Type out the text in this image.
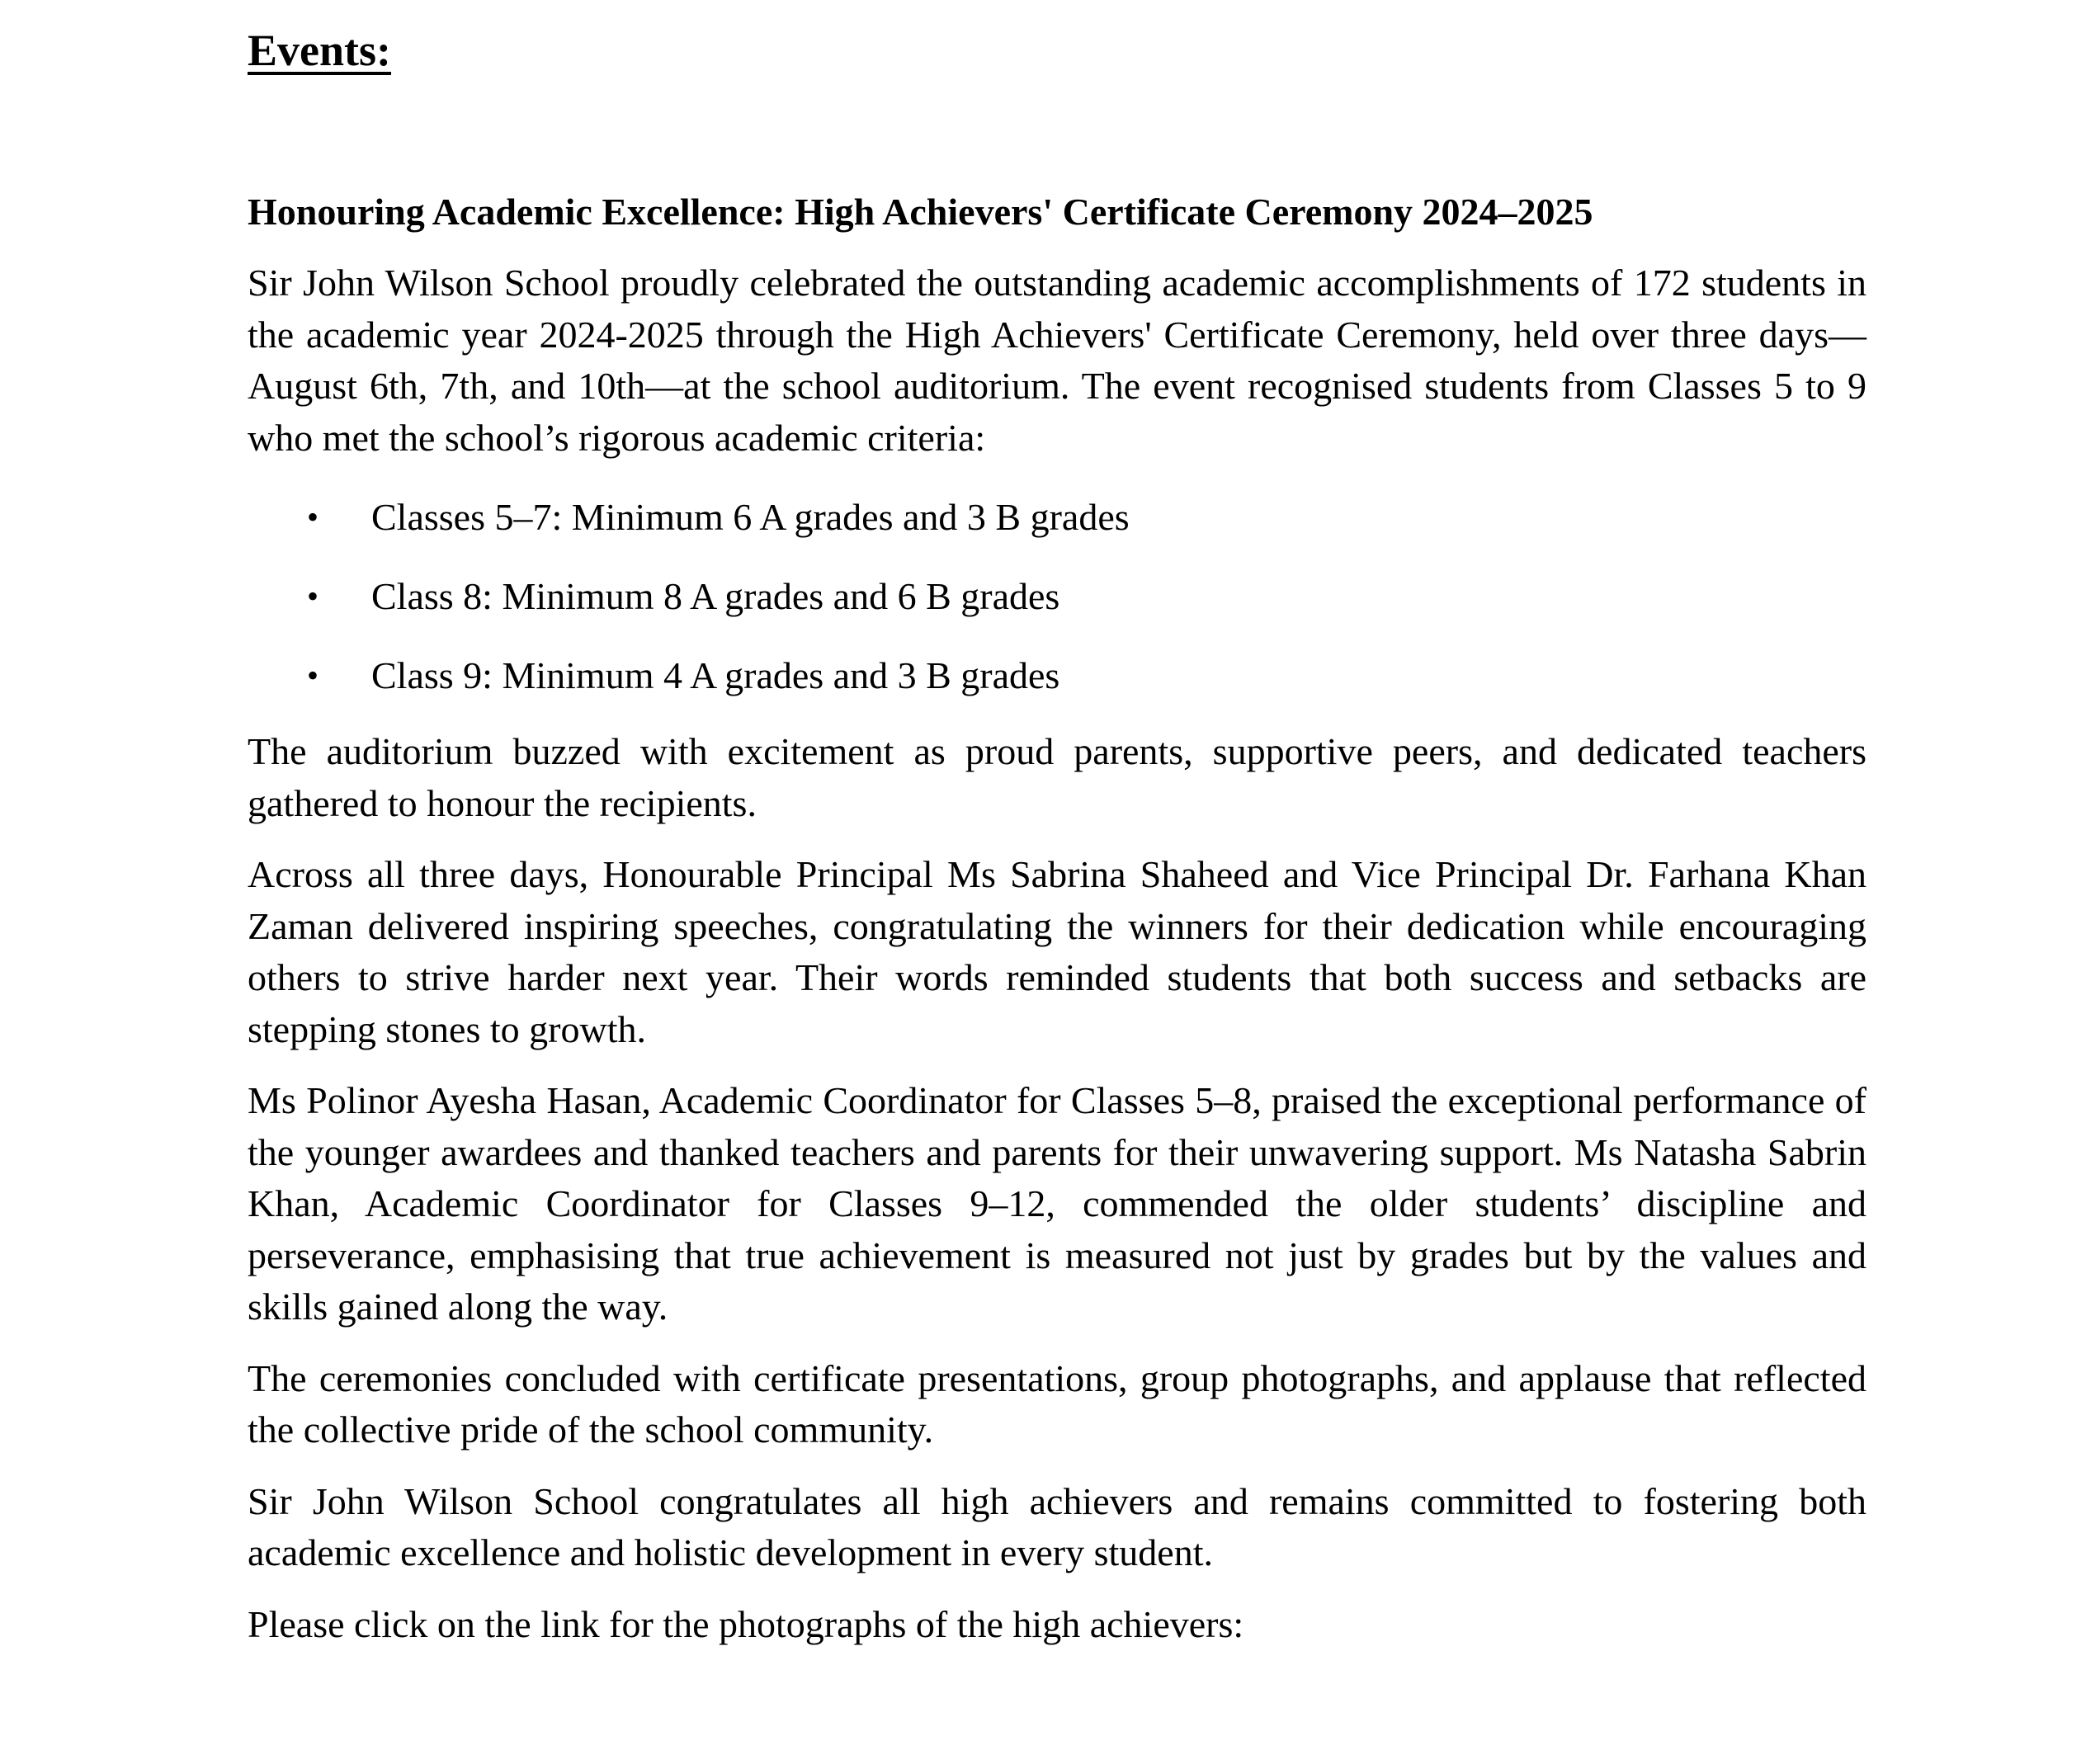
Events:
Honouring Academic Excellence: High Achievers' Certificate Ceremony 2024–2025

Sir John Wilson School proudly celebrated the outstanding academic accomplishments of 172 students in the academic year 2024-2025 through the High Achievers' Certificate Ceremony, held over three days—August 6th, 7th, and 10th—at the school auditorium. The event recognised students from Classes 5 to 9 who met the school’s rigorous academic criteria:

• Classes 5–7: Minimum 6 A grades and 3 B grades
• Class 8: Minimum 8 A grades and 6 B grades
• Class 9: Minimum 4 A grades and 3 B grades

The auditorium buzzed with excitement as proud parents, supportive peers, and dedicated teachers gathered to honour the recipients.

Across all three days, Honourable Principal Ms Sabrina Shaheed and Vice Principal Dr. Farhana Khan Zaman delivered inspiring speeches, congratulating the winners for their dedication while encouraging others to strive harder next year. Their words reminded students that both success and setbacks are stepping stones to growth.

Ms Polinor Ayesha Hasan, Academic Coordinator for Classes 5–8, praised the exceptional performance of the younger awardees and thanked teachers and parents for their unwavering support. Ms Natasha Sabrin Khan, Academic Coordinator for Classes 9–12, commended the older students’ discipline and perseverance, emphasising that true achievement is measured not just by grades but by the values and skills gained along the way.

The ceremonies concluded with certificate presentations, group photographs, and applause that reflected the collective pride of the school community.

Sir John Wilson School congratulates all high achievers and remains committed to fostering both academic excellence and holistic development in every student.

Please click on the link for the photographs of the high achievers:
